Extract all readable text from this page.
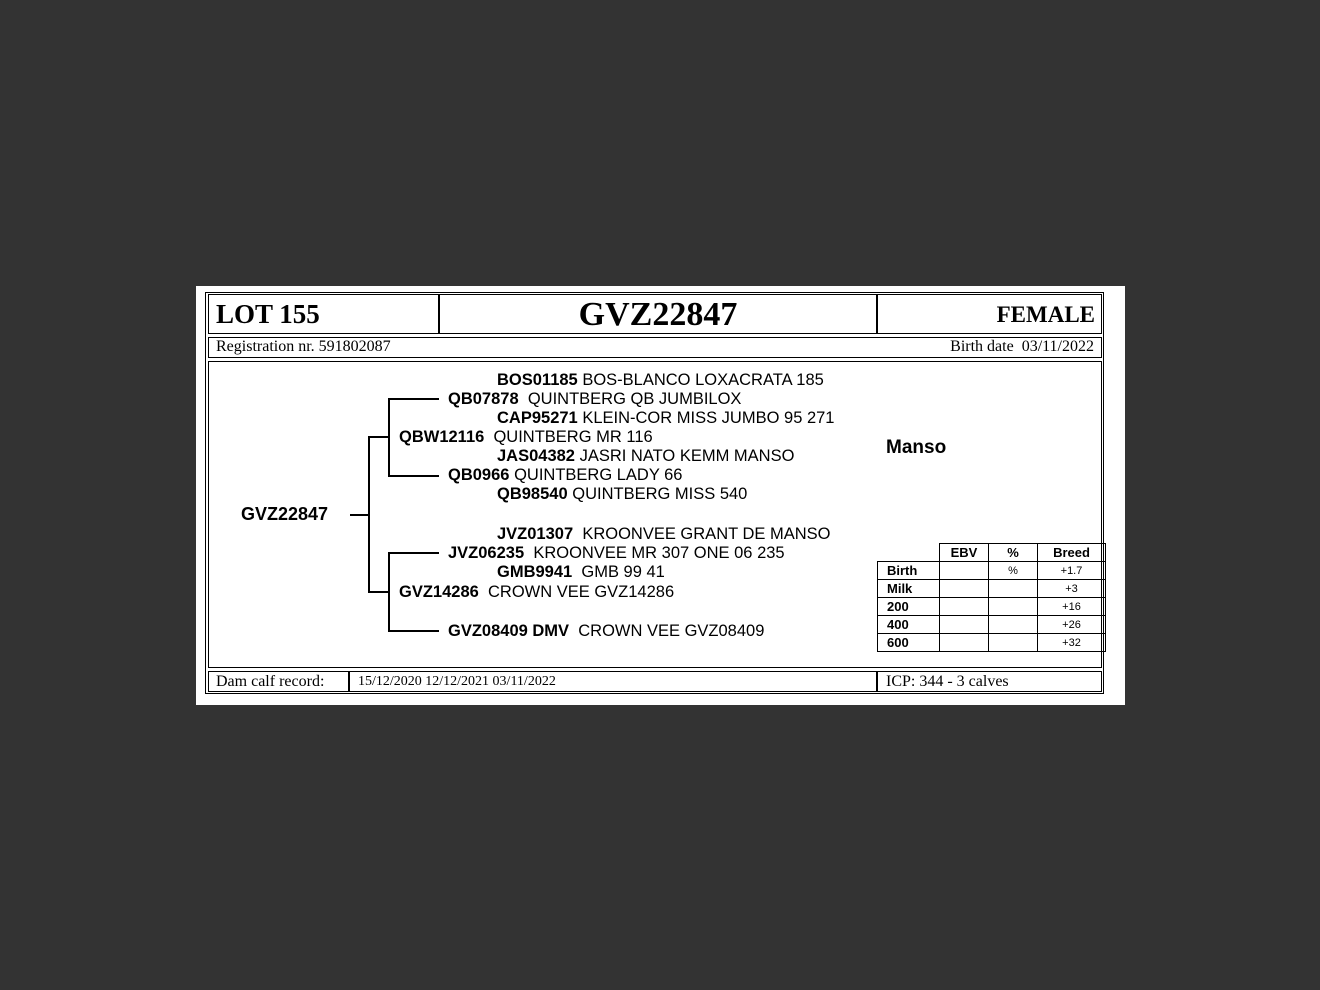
LOT 155	GVZ22847	FEMALE
Registration nr. 591802087	Birth date  03/11/2022
GVZ22847
BOS01185 BOS-BLANCO LOXACRATA 185
QB07878 QUINTBERG QB JUMBILOX
CAP95271 KLEIN-COR MISS JUMBO 95 271
QBW12116 QUINTBERG MR 116
JAS04382 JASRI NATO KEMM MANSO
QB0966 QUINTBERG LADY 66
QB98540 QUINTBERG MISS 540
JVZ01307 KROONVEE GRANT DE MANSO
JVZ06235 KROONVEE MR 307 ONE 06 235
GMB9941 GMB 99 41
GVZ14286 CROWN VEE GVZ14286
GVZ08409 DMV CROWN VEE GVZ08409
Manso
	EBV	%	Breed
Birth		%	+1.7
Milk			+3
200			+16
400			+26
600			+32
Dam calf record: 15/12/2020 12/12/2021 03/11/2022	ICP: 344 - 3 calves
